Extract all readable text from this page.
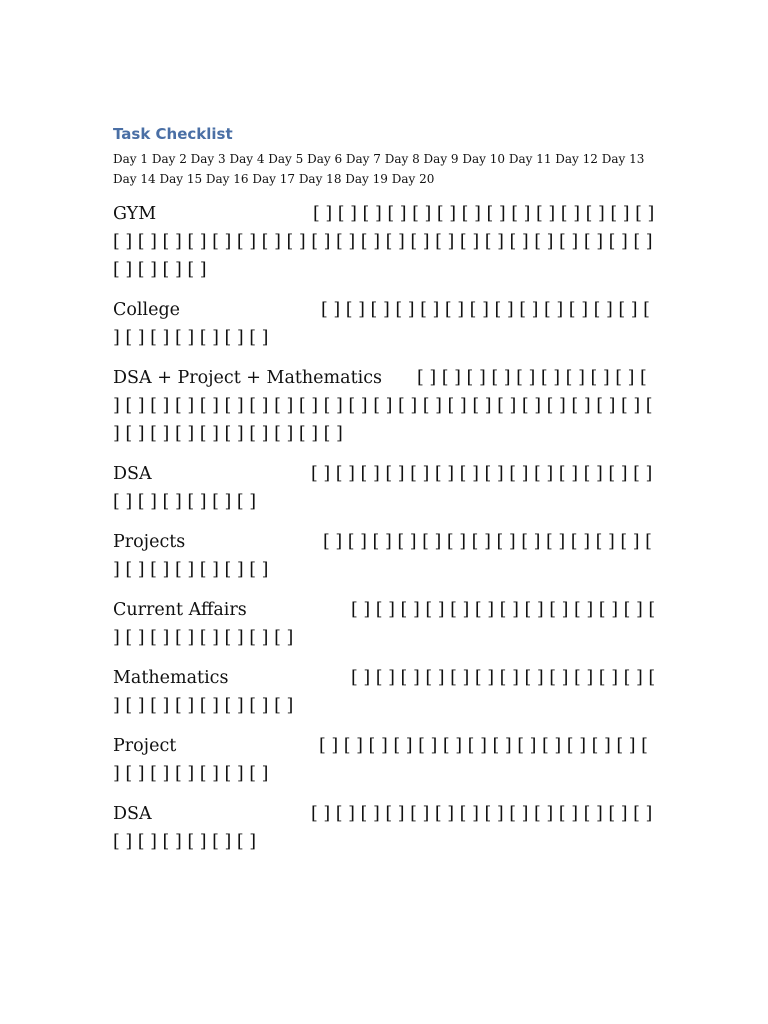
Task Checklist
Day 1 Day 2 Day 3 Day 4 Day 5 Day 6 Day 7 Day 8 Day 9 Day 10 Day 11 Day 12 Day 13 Day 14 Day 15 Day 16 Day 17 Day 18 Day 19 Day 20
GYM	[ ] [ ] [ ] [ ] [ ] [ ] [ ] [ ] [ ] [ ] [ ] [ ] [ ] [ ] [ ] [ ] [ ] [ ] [ ] [ ] [ ] [ ] [ ] [ ] [ ] [ ] [ ] [ ] [ ] [ ] [ ] [ ] [ ] [ ] [ ] [ ] [ ] [ ] [ ] [ ]
College	[ ] [ ] [ ] [ ] [ ] [ ] [ ] [ ] [ ] [ ] [ ] [ ] [ ] [ ] [ ] [ ] [ ] [ ] [ ] [ ]
DSA + Project + Mathematics [ ] [ ] [ ] [ ] [ ] [ ] [ ] [ ] [ ] [ ] [ ] [ ] [ ] [ ] [ ] [ ] [ ] [ ] [ ] [ ] [ ] [ ] [ ] [ ] [ ] [ ] [ ] [ ] [ ] [ ] [ ] [ ] [ ] [ ] [ ] [ ] [ ] [ ] [ ] [ ] [ ]
DSA	[ ] [ ] [ ] [ ] [ ] [ ] [ ] [ ] [ ] [ ] [ ] [ ] [ ] [ ] [ ] [ ] [ ] [ ] [ ] [ ]
Projects	[ ] [ ] [ ] [ ] [ ] [ ] [ ] [ ] [ ] [ ] [ ] [ ] [ ] [ ] [ ] [ ] [ ] [ ] [ ] [ ]
Current Affairs	[ ] [ ] [ ] [ ] [ ] [ ] [ ] [ ] [ ] [ ] [ ] [ ] [ ] [ ] [ ] [ ] [ ] [ ] [ ] [ ]
Mathematics	[ ] [ ] [ ] [ ] [ ] [ ] [ ] [ ] [ ] [ ] [ ] [ ] [ ] [ ] [ ] [ ] [ ] [ ] [ ] [ ]
Project	[ ] [ ] [ ] [ ] [ ] [ ] [ ] [ ] [ ] [ ] [ ] [ ] [ ] [ ] [ ] [ ] [ ] [ ] [ ] [ ]
DSA	[ ] [ ] [ ] [ ] [ ] [ ] [ ] [ ] [ ] [ ] [ ] [ ] [ ] [ ] [ ] [ ] [ ] [ ] [ ] [ ]
